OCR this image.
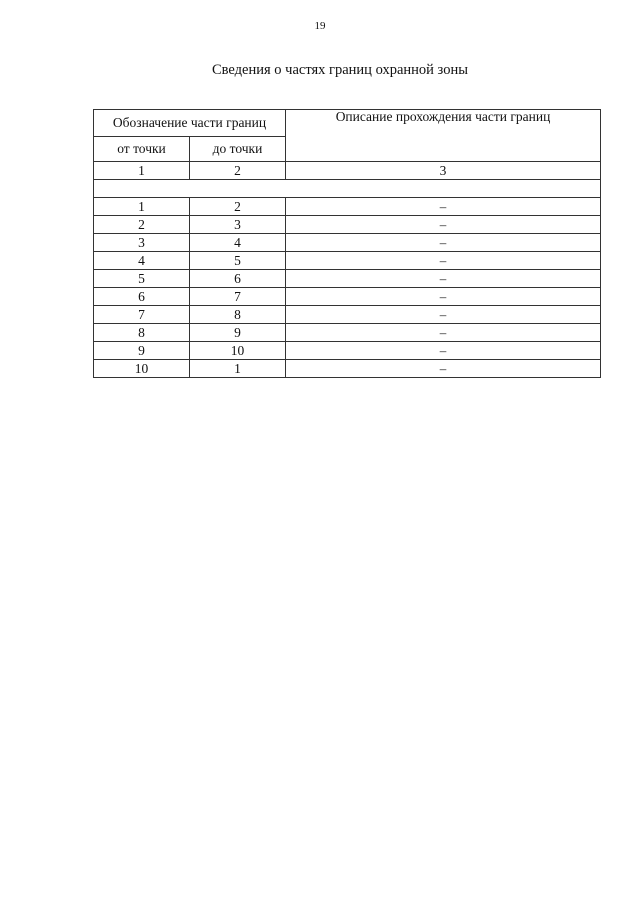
19
Сведения о частях границ охранной зоны
Обозначение части границ		Описание прохождения части границ
от точки	до точки	
1	2	3

1	2	–
2	3	–
3	4	–
4	5	–
5	6	–
6	7	–
7	8	–
8	9	–
9	10	–
10	1	–
